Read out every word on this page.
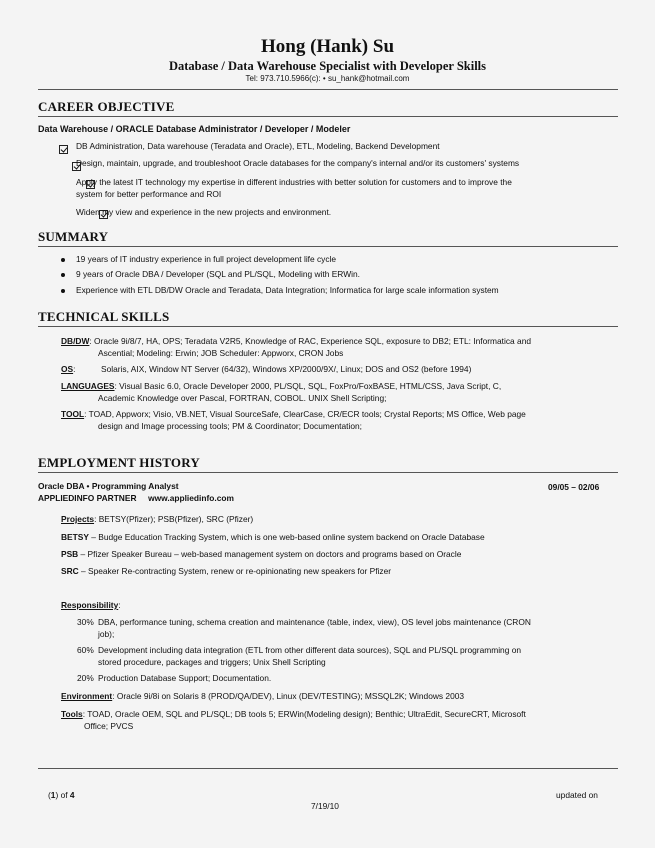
Hong (Hank) Su
Database / Data Warehouse Specialist with Developer Skills
Tel: 973.710.5966(c): • su_hank@hotmail.com
CAREER OBJECTIVE
Data Warehouse / ORACLE Database Administrator / Developer / Modeler

DB Administration, Data warehouse (Teradata and Oracle), ETL, Modeling, Backend Development

Design, maintain, upgrade, and troubleshoot Oracle databases for the company's internal and/or its customers' systems

Apply the latest IT technology my expertise in different industries with better solution for customers and to improve the
system for better performance and ROI
Widen my view and experience in the new projects and environment.
SUMMARY
19 years of IT industry experience in full project development life cycle
9 years of Oracle DBA / Developer (SQL and PL/SQL, Modeling with ERWin.
Experience with ETL DB/DW Oracle and Teradata, Data Integration; Informatica for large scale information system
TECHNICAL SKILLS
DB/DW: Oracle 9i/8/7, HA, OPS; Teradata V2R5, Knowledge of RAC, Experience SQL, exposure to DB2; ETL: Informatica and
Ascential; Modeling: Erwin; JOB Scheduler: Appworx, CRON Jobs
OS:	Solaris, AIX, Window NT Server (64/32), Windows XP/2000/9X/, Linux; DOS and OS2 (before 1994)
LANGUAGES: Visual Basic 6.0, Oracle Developer 2000, PL/SQL, SQL, FoxPro/FoxBASE, HTML/CSS, Java Script, C,
Academic Knowledge over Pascal, FORTRAN, COBOL. UNIX Shell Scripting;
TOOL: TOAD, Appworx; Visio, VB.NET, Visual SourceSafe, ClearCase, CR/ECR tools; Crystal Reports; MS Office, Web page
design and Image processing tools; PM & Coordinator; Documentation;
EMPLOYMENT HISTORY
Oracle DBA • Programming Analyst	09/05 – 02/06
APPLIEDINFO PARTNER www.appliedinfo.com
Projects: BETSY(Pfizer); PSB(Pfizer), SRC (Pfizer)
BETSY – Budge Education Tracking System, which is one web-based online system backend on Oracle Database
PSB – Pfizer Speaker Bureau – web-based management system on doctors and programs based on Oracle
SRC – Speaker Re-contracting System, renew or re-opinionating new speakers for Pfizer
Responsibility:
30% DBA, performance tuning, schema creation and maintenance (table, index, view), OS level jobs maintenance (CRON
job);
60% Development including data integration (ETL from other different data sources), SQL and PL/SQL programming on
stored procedure, packages and triggers; Unix Shell Scripting
20% Production Database Support; Documentation.
Environment: Oracle 9i/8i on Solaris 8 (PROD/QA/DEV), Linux (DEV/TESTING); MSSQL2K; Windows 2003
Tools: TOAD, Oracle OEM, SQL and PL/SQL; DB tools 5; ERWin(Modeling design); Benthic; UltraEdit, SecureCRT, Microsoft
Office; PVCS
(1) of 4	updated on
7/19/10
